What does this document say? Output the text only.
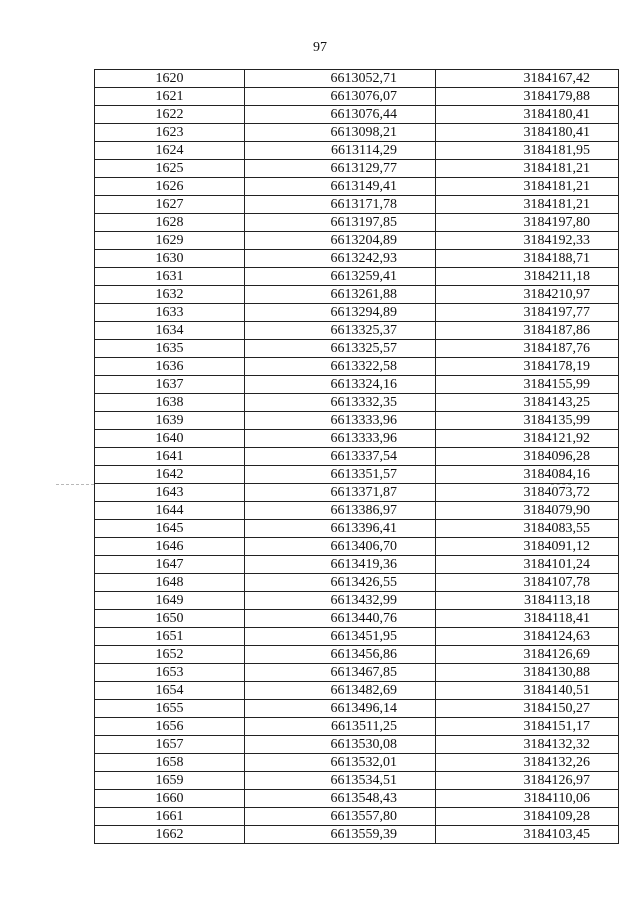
97
1620	6613052,71	3184167,42
1621	6613076,07	3184179,88
1622	6613076,44	3184180,41
1623	6613098,21	3184180,41
1624	6613114,29	3184181,95
1625	6613129,77	3184181,21
1626	6613149,41	3184181,21
1627	6613171,78	3184181,21
1628	6613197,85	3184197,80
1629	6613204,89	3184192,33
1630	6613242,93	3184188,71
1631	6613259,41	3184211,18
1632	6613261,88	3184210,97
1633	6613294,89	3184197,77
1634	6613325,37	3184187,86
1635	6613325,57	3184187,76
1636	6613322,58	3184178,19
1637	6613324,16	3184155,99
1638	6613332,35	3184143,25
1639	6613333,96	3184135,99
1640	6613333,96	3184121,92
1641	6613337,54	3184096,28
1642	6613351,57	3184084,16
1643	6613371,87	3184073,72
1644	6613386,97	3184079,90
1645	6613396,41	3184083,55
1646	6613406,70	3184091,12
1647	6613419,36	3184101,24
1648	6613426,55	3184107,78
1649	6613432,99	3184113,18
1650	6613440,76	3184118,41
1651	6613451,95	3184124,63
1652	6613456,86	3184126,69
1653	6613467,85	3184130,88
1654	6613482,69	3184140,51
1655	6613496,14	3184150,27
1656	6613511,25	3184151,17
1657	6613530,08	3184132,32
1658	6613532,01	3184132,26
1659	6613534,51	3184126,97
1660	6613548,43	3184110,06
1661	6613557,80	3184109,28
1662	6613559,39	3184103,45
